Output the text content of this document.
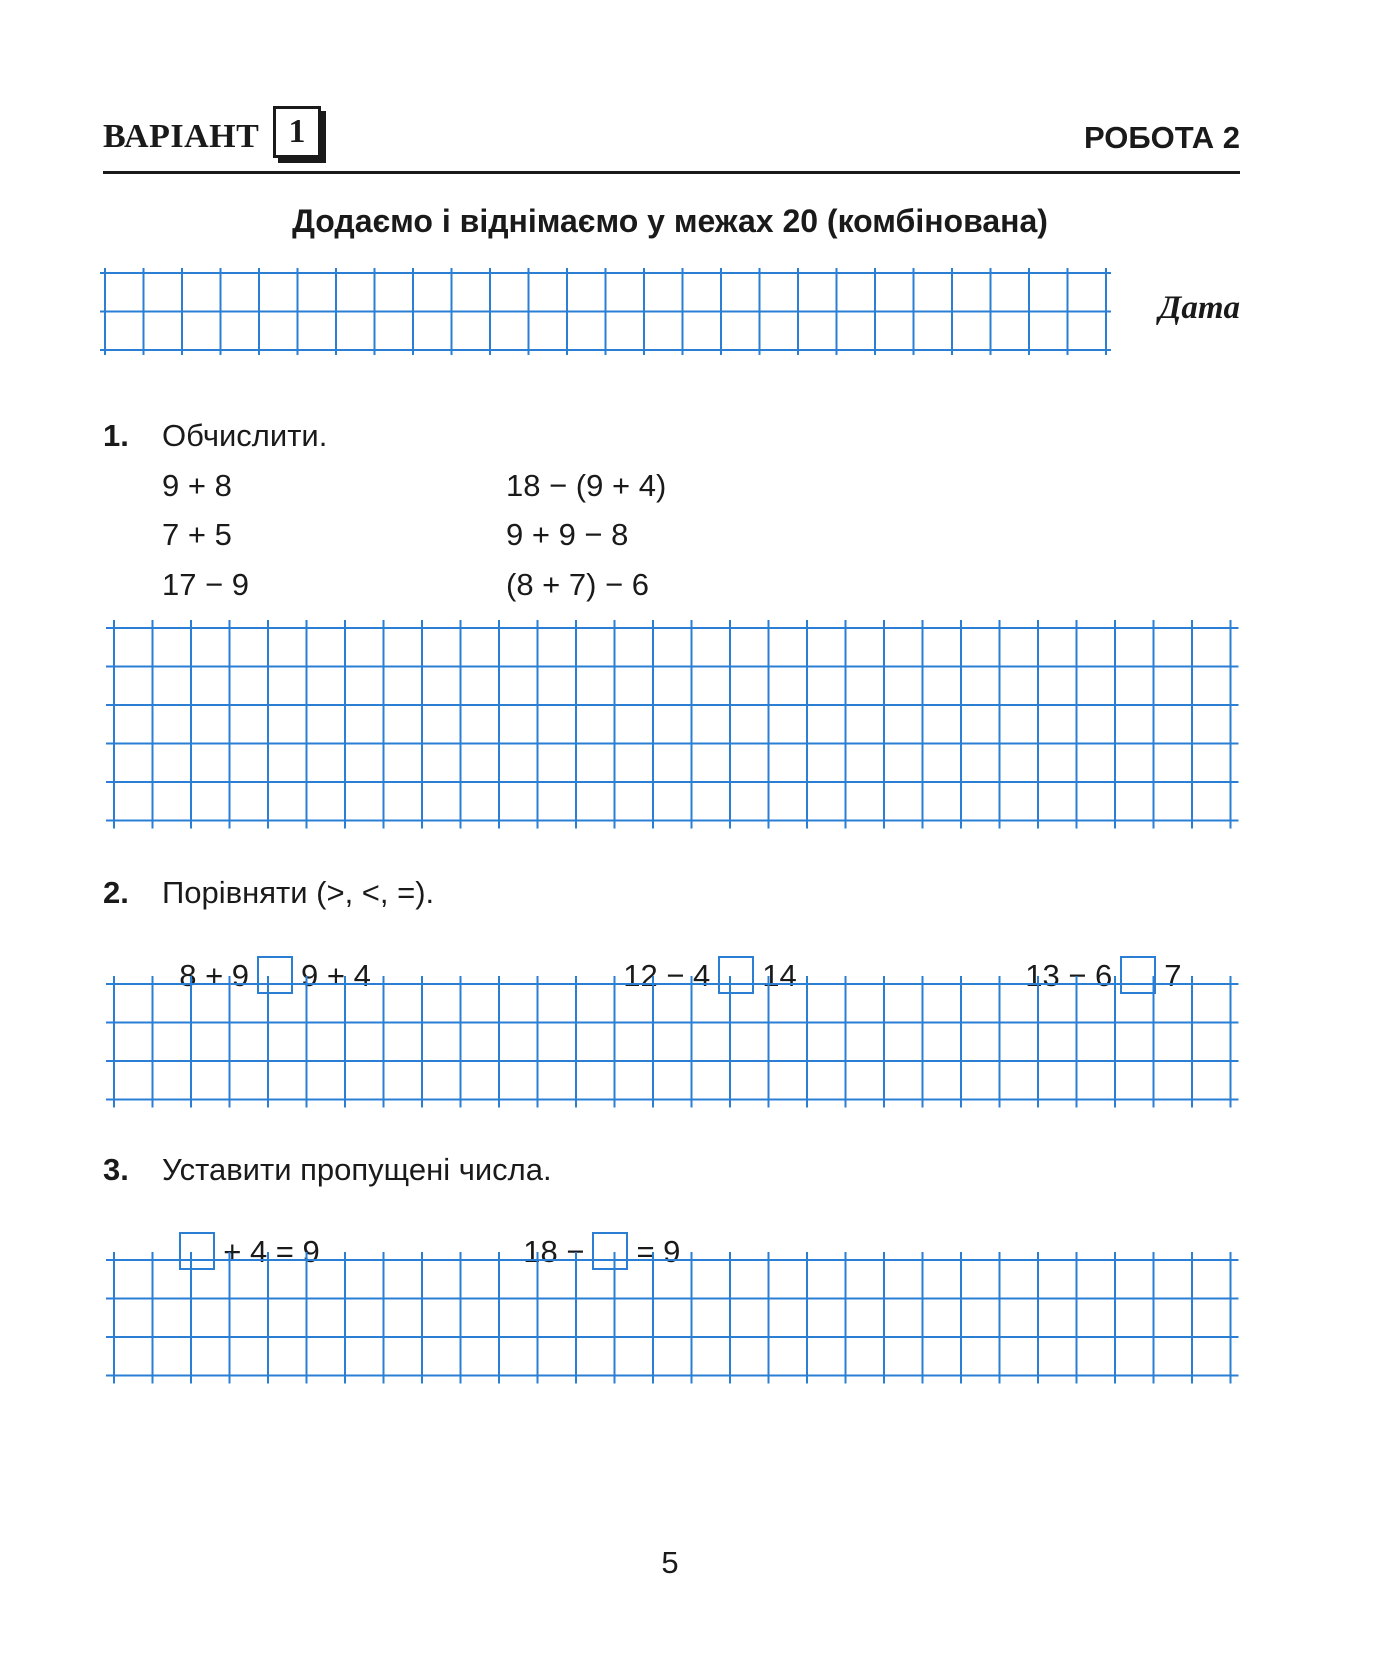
ВАРІАНТ 1	РОБОТА 2
Додаємо і віднімаємо у межах 20 (комбінована)
Дата
1. Обчислити.
9 + 8
7 + 5
17 − 9
18 − (9 + 4)
9 + 9 − 8
(8 + 7) − 6
2. Порівняти (>, <, =).

8 + 9 9 + 4	12 − 4 14	13 − 6 7

3. Уставити пропущені числа.

+ 4 = 9	18 − = 9

5
